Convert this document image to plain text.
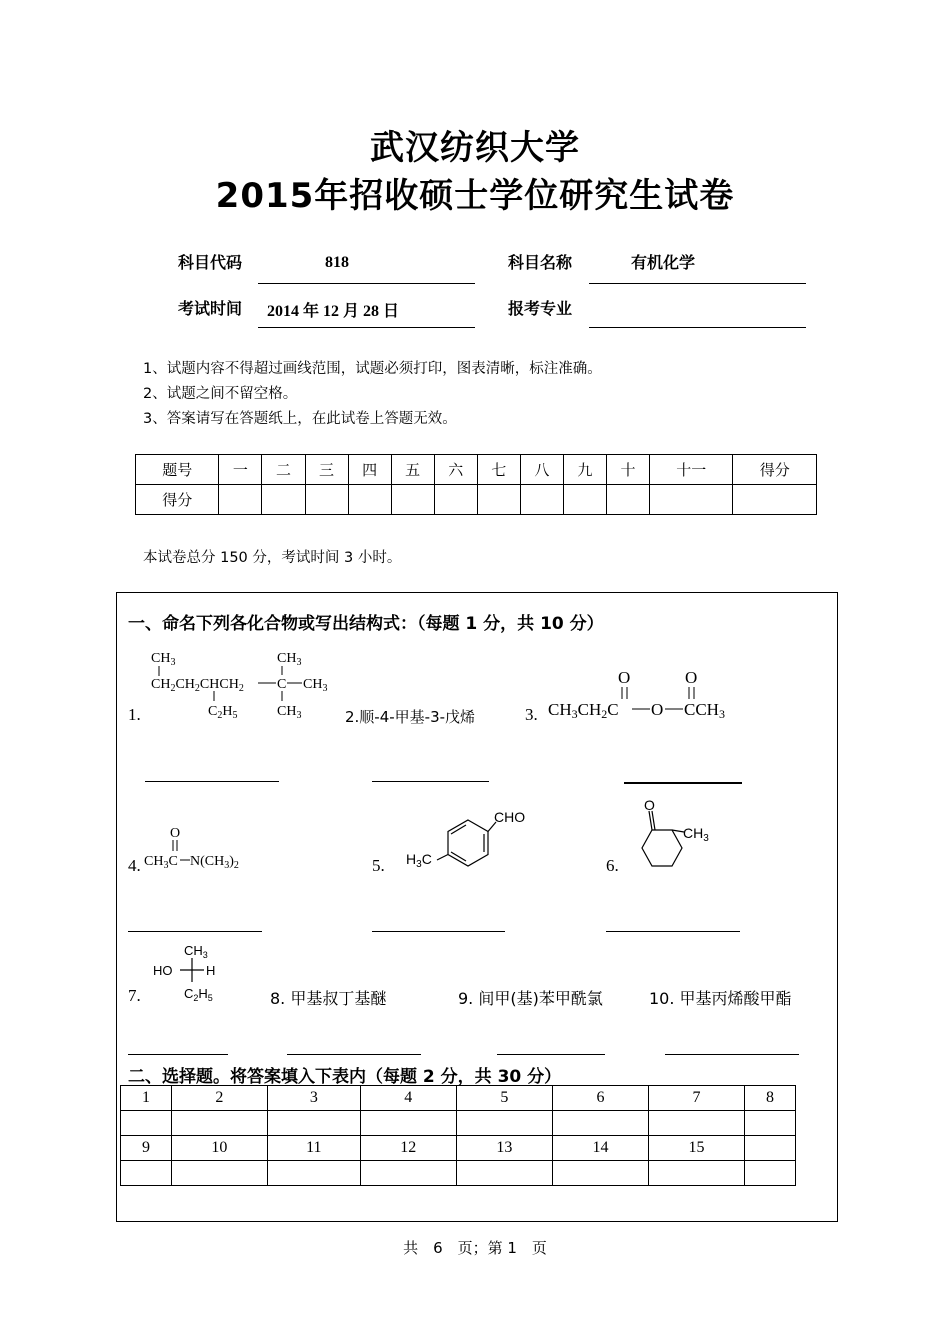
武汉纺织大学
2015年招收硕士学位研究生试卷
科目代码	818	科目名称	有机化学
考试时间 2014 年 12 月 28 日	报考专业
1、试题内容不得超过画线范围，试题必须打印，图表清晰，标注准确。
2、试题之间不留空格。
3、答案请写在答题纸上，在此试卷上答题无效。
题号	一	二	三	四	五	六	七	八	九	十	十一	得分
得分												
本试卷总分 150 分，考试时间 3 小时。
一、命名下列各化合物或写出结构式：（每题 1 分，共 10 分）
1.
$CH_3$
$CH_2CH_2CHCH_2$ C $CH_3$
$CH_3$
$CH_3$
$C_2H_5$	2.顺-4-甲基-3-戊烯	3.
O	O
CH3CH2C O CCH3
4.
O
$CH_3C$ $N(CH_3)_2$	5.
CHO
$H_3C$	6.
O
$CH_3$
7.
$CH_3$
HO	H
$C_2H_5$	8. 甲基叔丁基醚	9. 间甲(基)苯甲酰氯	10. 甲基丙烯酸甲酯
二、选择题。将答案填入下表内（每题 2 分，共 30 分）
1	2	3	4	5	6	7	8

9	10	11	12	13	14	15	

共　6　页；第 1　页
